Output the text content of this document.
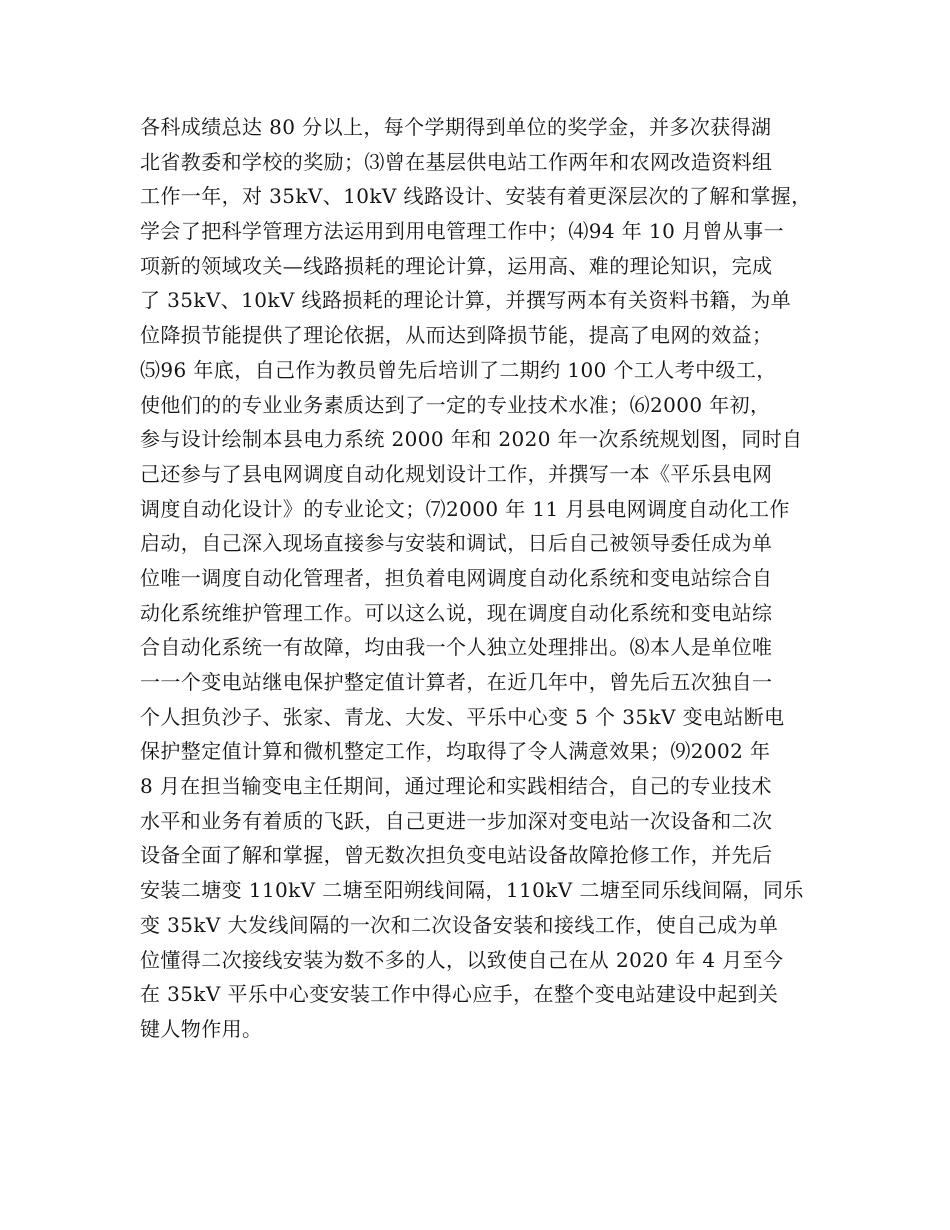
各科成绩总达 80 分以上，每个学期得到单位的奖学金，并多次获得湖
北省教委和学校的奖励；⑶曾在基层供电站工作两年和农网改造资料组
工作一年，对 35kV、10kV 线路设计、安装有着更深层次的了解和掌握，
学会了把科学管理方法运用到用电管理工作中；⑷94 年 10 月曾从事一
项新的领域攻关—线路损耗的理论计算，运用高、难的理论知识，完成
了 35kV、10kV 线路损耗的理论计算，并撰写两本有关资料书籍，为单
位降损节能提供了理论依据，从而达到降损节能，提高了电网的效益；
⑸96 年底，自己作为教员曾先后培训了二期约 100 个工人考中级工，
使他们的的专业业务素质达到了一定的专业技术水准；⑹2000 年初，
参与设计绘制本县电力系统 2000 年和 2020 年一次系统规划图，同时自
己还参与了县电网调度自动化规划设计工作，并撰写一本《平乐县电网
调度自动化设计》的专业论文；⑺2000 年 11 月县电网调度自动化工作
启动，自己深入现场直接参与安装和调试，日后自己被领导委任成为单
位唯一调度自动化管理者，担负着电网调度自动化系统和变电站综合自
动化系统维护管理工作。可以这么说，现在调度自动化系统和变电站综
合自动化系统一有故障，均由我一个人独立处理排出。⑻本人是单位唯
一一个变电站继电保护整定值计算者，在近几年中，曾先后五次独自一
个人担负沙子、张家、青龙、大发、平乐中心变 5 个 35kV 变电站断电
保护整定值计算和微机整定工作，均取得了令人满意效果；⑼2002 年
8 月在担当输变电主任期间，通过理论和实践相结合，自己的专业技术
水平和业务有着质的飞跃，自己更进一步加深对变电站一次设备和二次
设备全面了解和掌握，曾无数次担负变电站设备故障抢修工作，并先后
安装二塘变 110kV 二塘至阳朔线间隔，110kV 二塘至同乐线间隔，同乐
变 35kV 大发线间隔的一次和二次设备安装和接线工作，使自己成为单
位懂得二次接线安装为数不多的人，以致使自己在从 2020 年 4 月至今
在 35kV 平乐中心变安装工作中得心应手，在整个变电站建设中起到关
键人物作用。
